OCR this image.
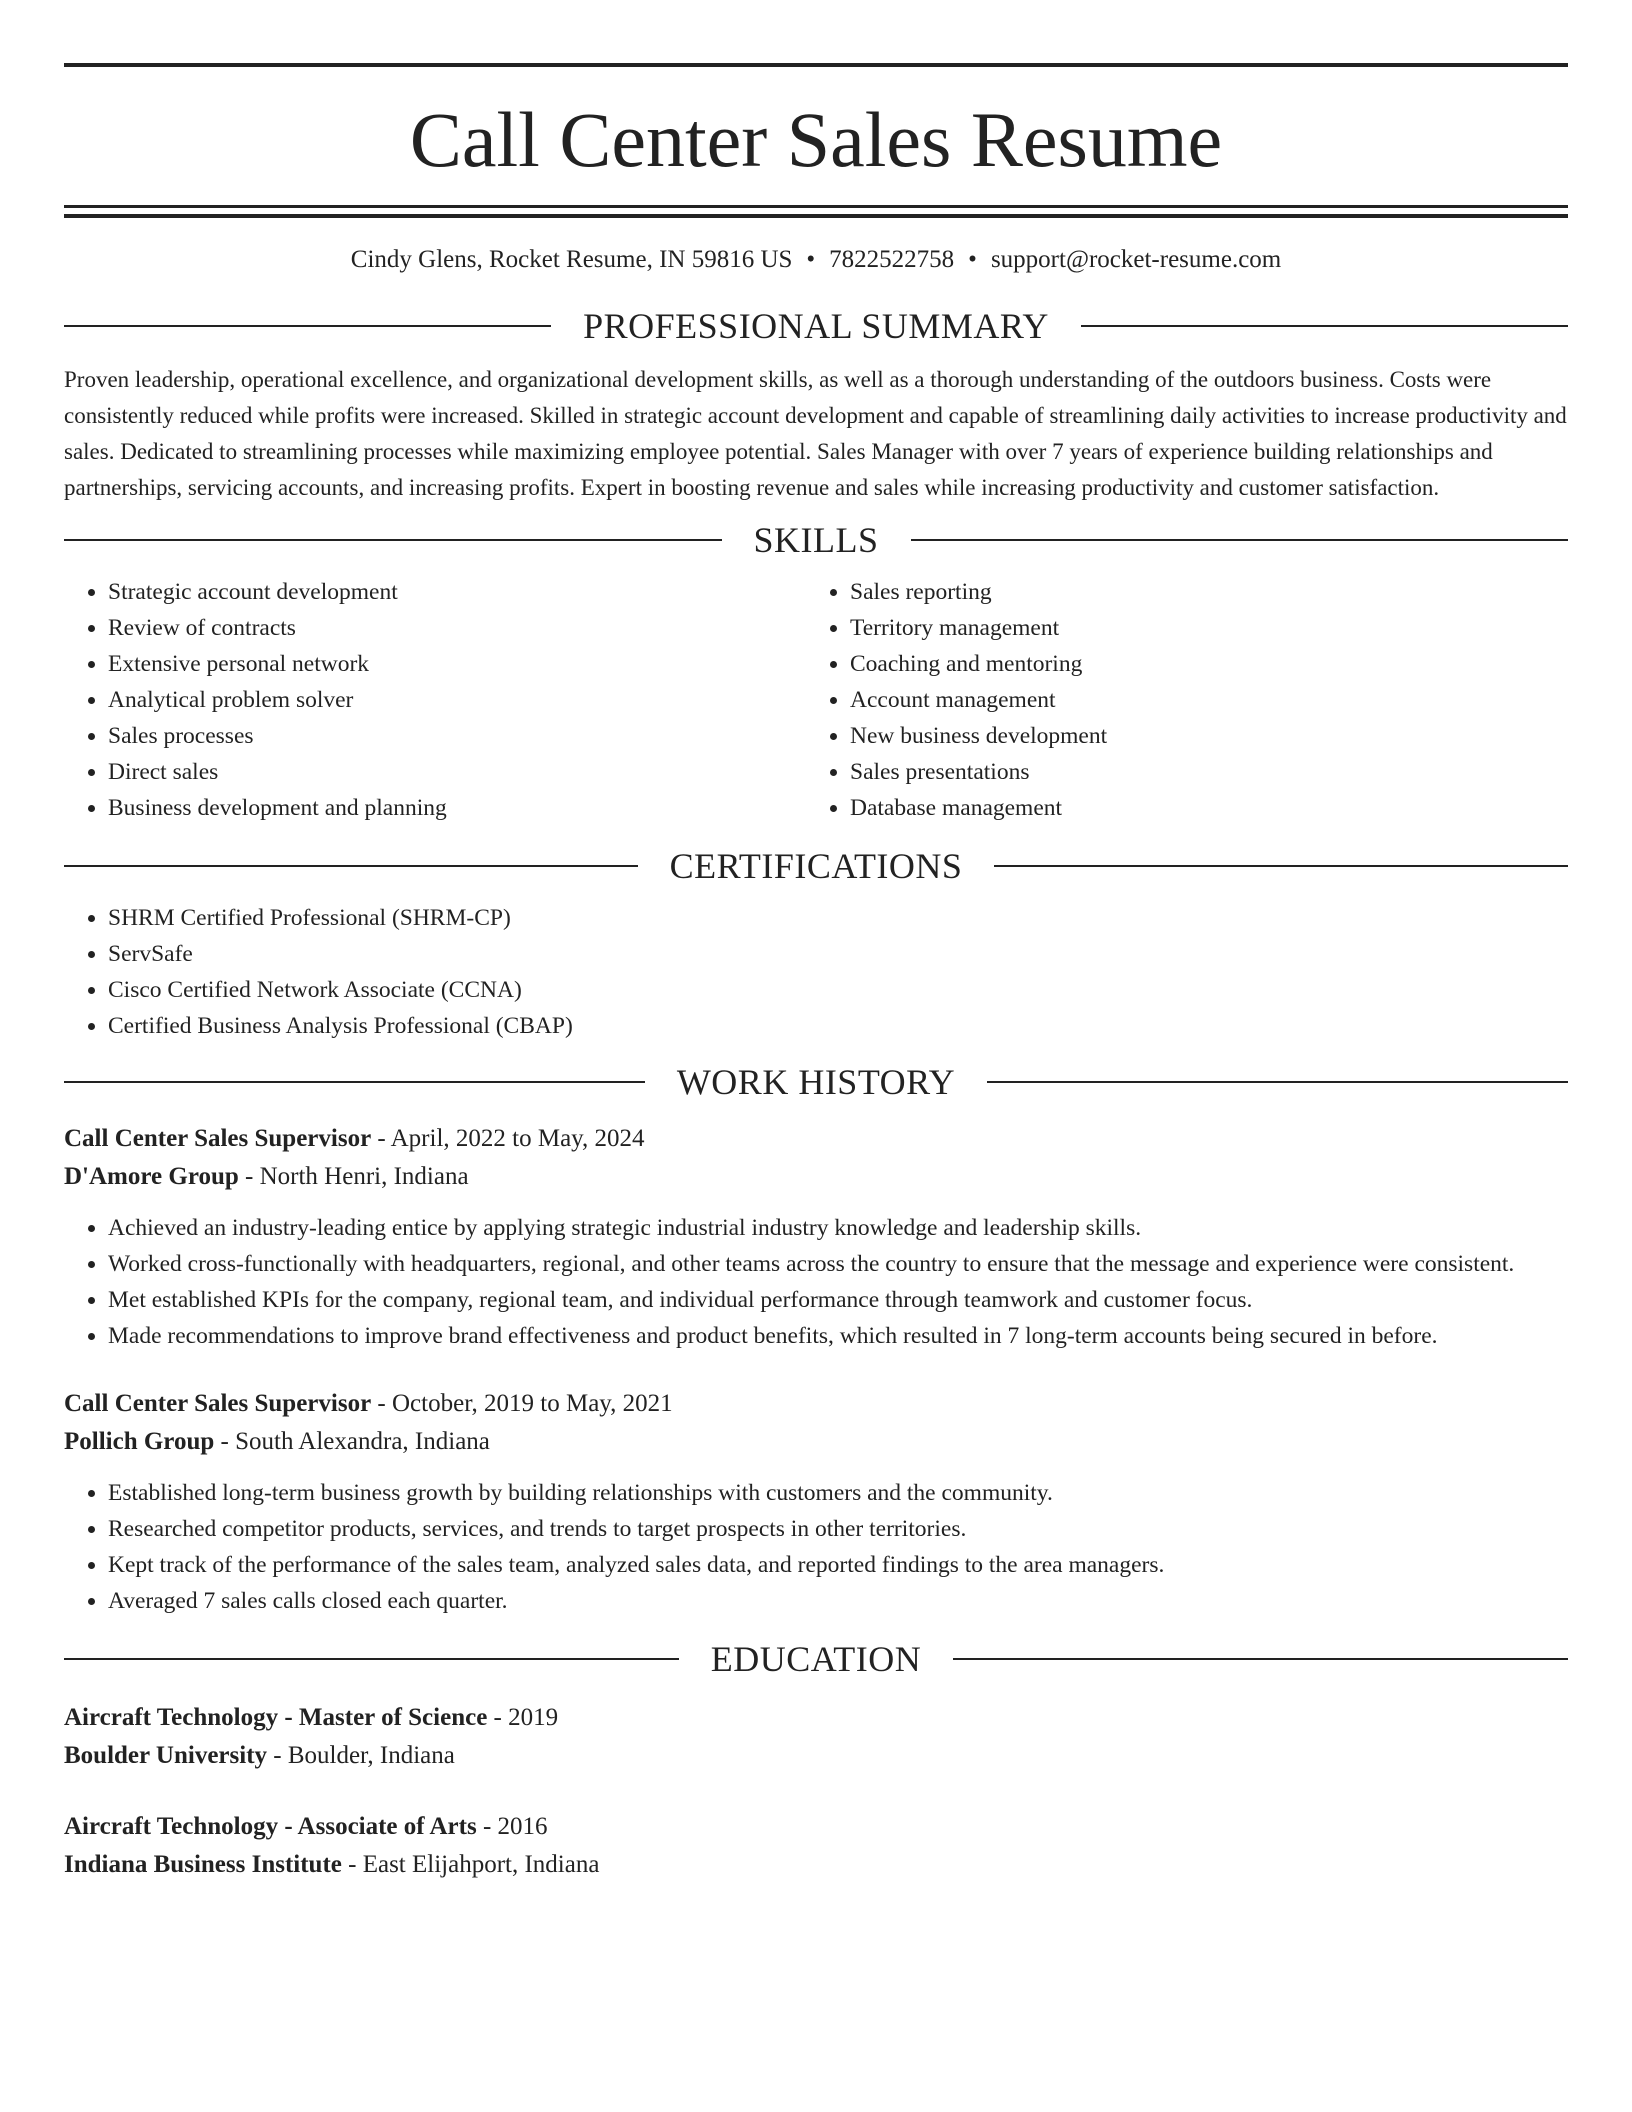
Call Center Sales Resume
Cindy Glens, Rocket Resume, IN 59816 US • 7822522758 • support@rocket-resume.com
PROFESSIONAL SUMMARY

Proven leadership, operational excellence, and organizational development skills, as well as a thorough understanding of the outdoors business. Costs were consistently reduced while profits were increased. Skilled in strategic account development and capable of streamlining daily activities to increase productivity and sales. Dedicated to streamlining processes while maximizing employee potential. Sales Manager with over 7 years of experience building relationships and partnerships, servicing accounts, and increasing profits. Expert in boosting revenue and sales while increasing productivity and customer satisfaction.

SKILLS
• Strategic account development
• Review of contracts
• Extensive personal network
• Analytical problem solver
• Sales processes
• Direct sales
• Business development and planning
• Sales reporting
• Territory management
• Coaching and mentoring
• Account management
• New business development
• Sales presentations
• Database management
CERTIFICATIONS
• SHRM Certified Professional (SHRM-CP)
• ServSafe
• Cisco Certified Network Associate (CCNA)
• Certified Business Analysis Professional (CBAP)
WORK HISTORY
Call Center Sales Supervisor - April, 2022 to May, 2024
D'Amore Group - North Henri, Indiana
• Achieved an industry-leading entice by applying strategic industrial industry knowledge and leadership skills.
• Worked cross-functionally with headquarters, regional, and other teams across the country to ensure that the message and experience were consistent.
• Met established KPIs for the company, regional team, and individual performance through teamwork and customer focus.
• Made recommendations to improve brand effectiveness and product benefits, which resulted in 7 long-term accounts being secured in before.
Call Center Sales Supervisor - October, 2019 to May, 2021
Pollich Group - South Alexandra, Indiana
• Established long-term business growth by building relationships with customers and the community.
• Researched competitor products, services, and trends to target prospects in other territories.
• Kept track of the performance of the sales team, analyzed sales data, and reported findings to the area managers.
• Averaged 7 sales calls closed each quarter.
EDUCATION
Aircraft Technology - Master of Science - 2019
Boulder University - Boulder, Indiana
Aircraft Technology - Associate of Arts - 2016
Indiana Business Institute - East Elijahport, Indiana
